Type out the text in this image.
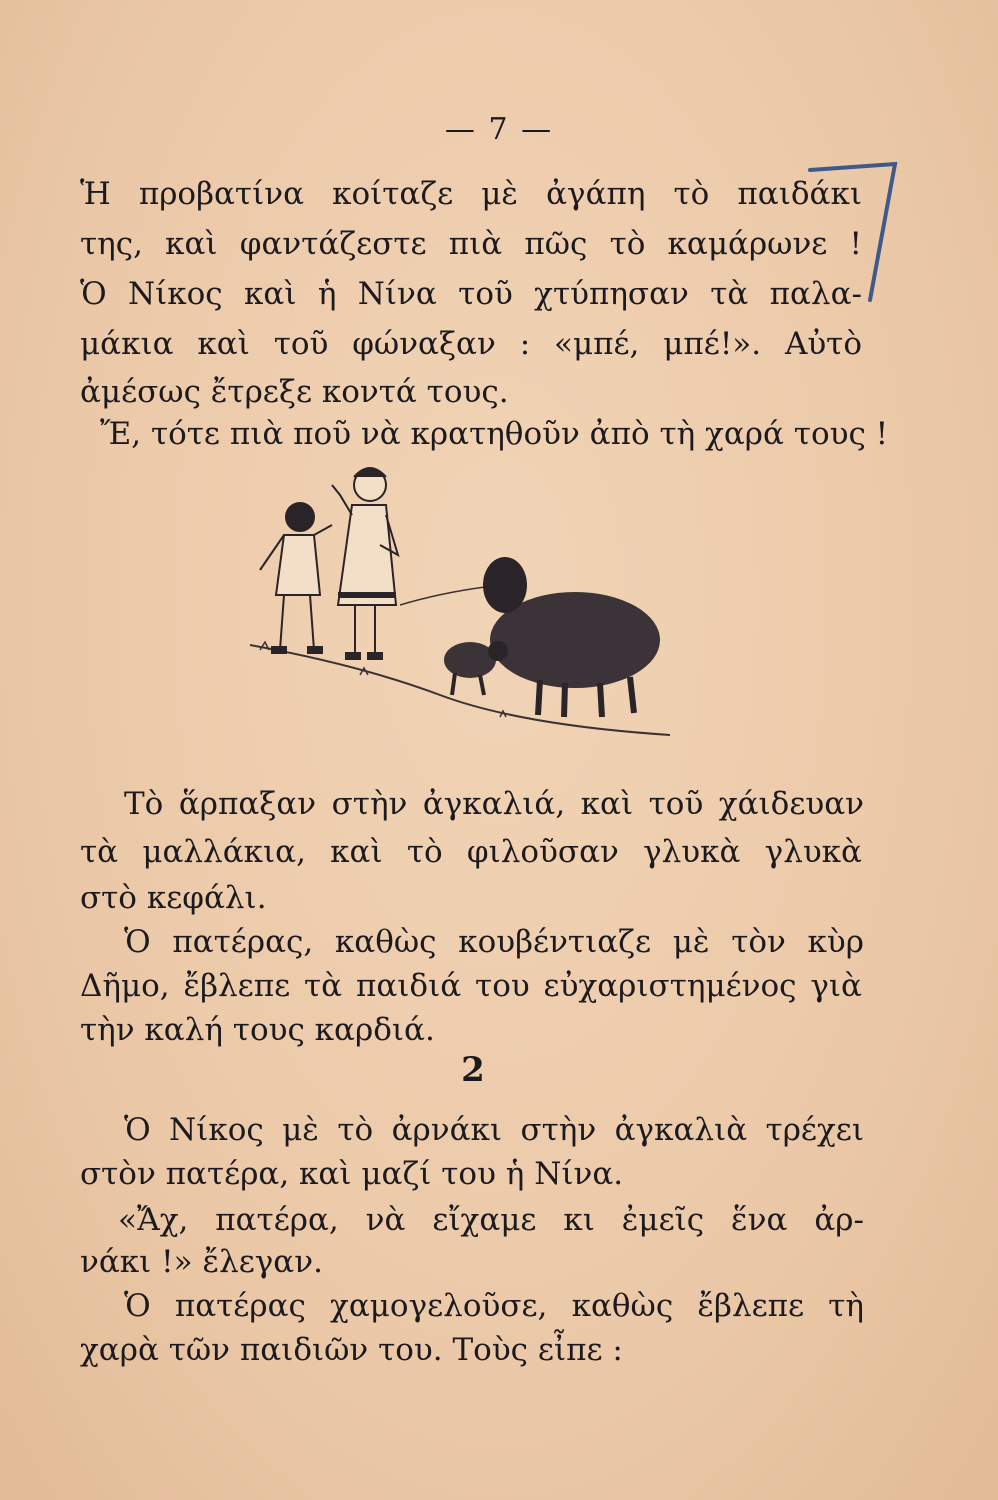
— 7 —
Ἡ προβατίνα κοίταζε μὲ ἀγάπη τὸ παιδάκι
της, καὶ φαντάζεστε πιὰ πῶς τὸ καμάρωνε !
Ὁ Νίκος καὶ ἡ Νίνα τοῦ χτύπησαν τὰ παλα-
μάκια καὶ τοῦ φώναξαν : «μπέ, μπέ!». Αὐτὸ
ἀμέσως ἔτρεξε κοντά τους.
Ἔ, τότε πιὰ ποῦ νὰ κρατηθοῦν ἀπὸ τὴ χαρά τους !
Τὸ ἅρπαξαν στὴν ἀγκαλιά, καὶ τοῦ χάιδευαν
τὰ μαλλάκια, καὶ τὸ φιλοῦσαν γλυκὰ γλυκὰ
στὸ κεφάλι.
Ὁ πατέρας, καθὼς κουβέντιαζε μὲ τὸν κὺρ
Δῆμο, ἔβλεπε τὰ παιδιά του εὐχαριστημένος γιὰ
τὴν καλή τους καρδιά.
2
Ὁ Νίκος μὲ τὸ ἀρνάκι στὴν ἀγκαλιὰ τρέχει
στὸν πατέρα, καὶ μαζί του ἡ Νίνα.
«Ἄχ, πατέρα, νὰ εἴχαμε κι ἐμεῖς ἕνα ἀρ-
νάκι !» ἔλεγαν.
Ὁ πατέρας χαμογελοῦσε, καθὼς ἔβλεπε τὴ
χαρὰ τῶν παιδιῶν του. Τοὺς εἶπε :
